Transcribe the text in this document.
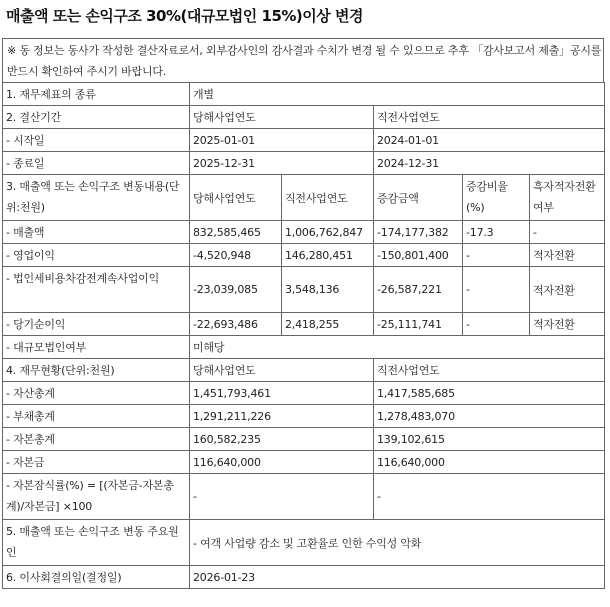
매출액 또는 손익구조 30%(대규모법인 15%)이상 변경
※ 동 정보는 동사가 작성한 결산자료로서, 외부감사인의 감사결과 수치가 변경 될 수 있으므로 추후 「감사보고서 제출」공시를 반드시 확인하여 주시기 바랍니다.
1. 재무제표의 종류	개별				
2. 결산기간	당해사업연도		직전사업연도		
- 시작일	2025-01-01		2024-01-01		
- 종료일	2025-12-31		2024-12-31		
3. 매출액 또는 손익구조 변동내용(단위:천원)	당해사업연도	직전사업연도	증감금액	증감비율(%)	흑자적자전환여부
- 매출액	832,585,465	1,006,762,847	-174,177,382	-17.3	-
- 영업이익	-4,520,948	146,280,451	-150,801,400	-	적자전환
- 법인세비용차감전계속사업이익	-23,039,085	3,548,136	-26,587,221	-	적자전환
- 당기순이익	-22,693,486	2,418,255	-25,111,741	-	적자전환
- 대규모법인여부	미해당				
4. 재무현황(단위:천원)	당해사업연도		직전사업연도		
- 자산총계	1,451,793,461		1,417,585,685		
- 부채총계	1,291,211,226		1,278,483,070		
- 자본총계	160,582,235		139,102,615		
- 자본금	116,640,000		116,640,000		
- 자본잠식률(%) = [(자본금-자본총계)/자본금] ×100	-		-		
5. 매출액 또는 손익구조 변동 주요원인	- 여객 사업량 감소 및 고환율로 인한 수익성 악화				
6. 이사회결의일(결정일)	2026-01-23				
